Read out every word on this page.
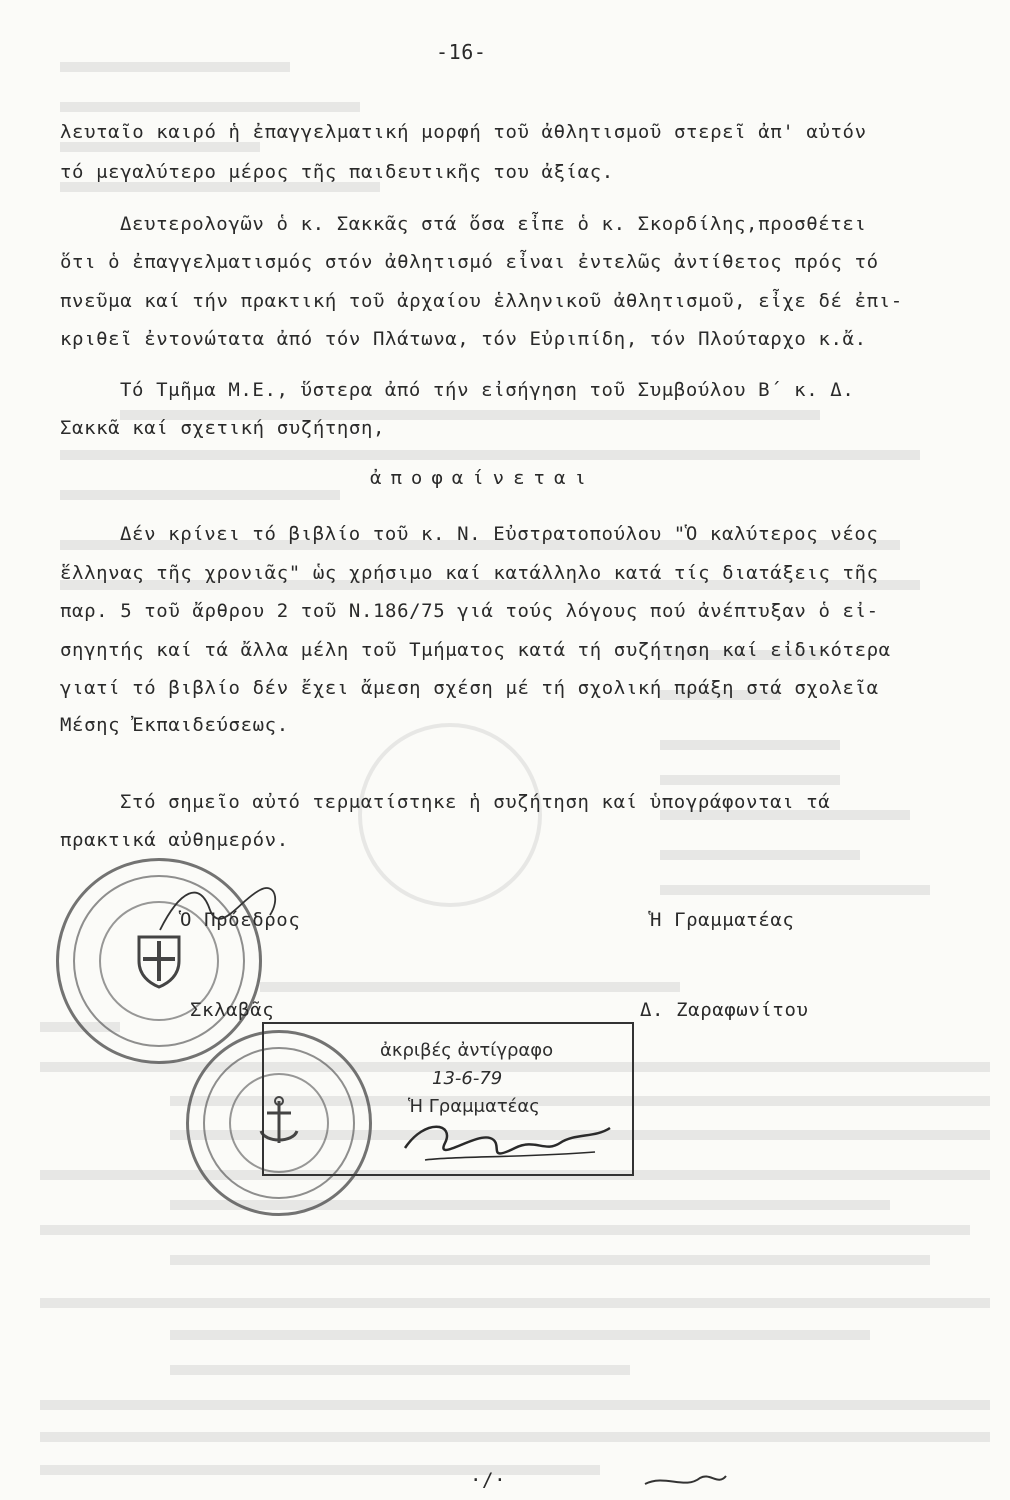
-16-
λευταῖο καιρό ἡ ἐπαγγελματική μορφή τοῦ ἀθλητισμοῦ στερεῖ ἀπ' αὐτόν
τό μεγαλύτερο μέρος τῆς παιδευτικῆς του ἀξίας.
Δευτερολογῶν ὁ κ. Σακκᾶς στά ὅσα εἶπε ὁ κ. Σκορδίλης,προσθέτει
ὅτι ὁ ἐπαγγελματισμός στόν ἀθλητισμό εἶναι ἐντελῶς ἀντίθετος πρός τό
πνεῦμα καί τήν πρακτική τοῦ ἀρχαίου ἑλληνικοῦ ἀθλητισμοῦ, εἶχε δέ ἐπι-
κριθεῖ ἐντονώτατα ἀπό τόν Πλάτωνα, τόν Εὐριπίδη, τόν Πλούταρχο κ.ἄ.
Τό Τμῆμα Μ.Ε., ὕστερα ἀπό τήν εἰσήγηση τοῦ Συμβούλου Β΄ κ. Δ.
Σακκᾶ καί σχετική συζήτηση,
ἀποφαίνεται
Δέν κρίνει τό βιβλίο τοῦ κ. Ν. Εὐστρατοπούλου "Ὁ καλύτερος νέος
ἕλληνας τῆς χρονιᾶς" ὡς χρήσιμο καί κατάλληλο κατά τίς διατάξεις τῆς
παρ. 5 τοῦ ἄρθρου 2 τοῦ Ν.186/75 γιά τούς λόγους πού ἀνέπτυξαν ὁ εἰ-
σηγητής καί τά ἄλλα μέλη τοῦ Τμήματος κατά τή συζήτηση καί εἰδικότερα
γιατί τό βιβλίο δέν ἔχει ἄμεση σχέση μέ τή σχολική πράξη στά σχολεῖα
Μέσης Ἐκπαιδεύσεως.
Στό σημεῖο αὐτό τερματίστηκε ἡ συζήτηση καί ὑπογράφονται τά
πρακτικά αὐθημερόν.
Ὁ Πρόεδρος	Ἡ Γραμματέας
Σκλαβᾶς	Δ. Ζαραφωνίτου
ἀκριβές ἀντίγραφο
13-6-79
Ἡ Γραμματέας
·/·
